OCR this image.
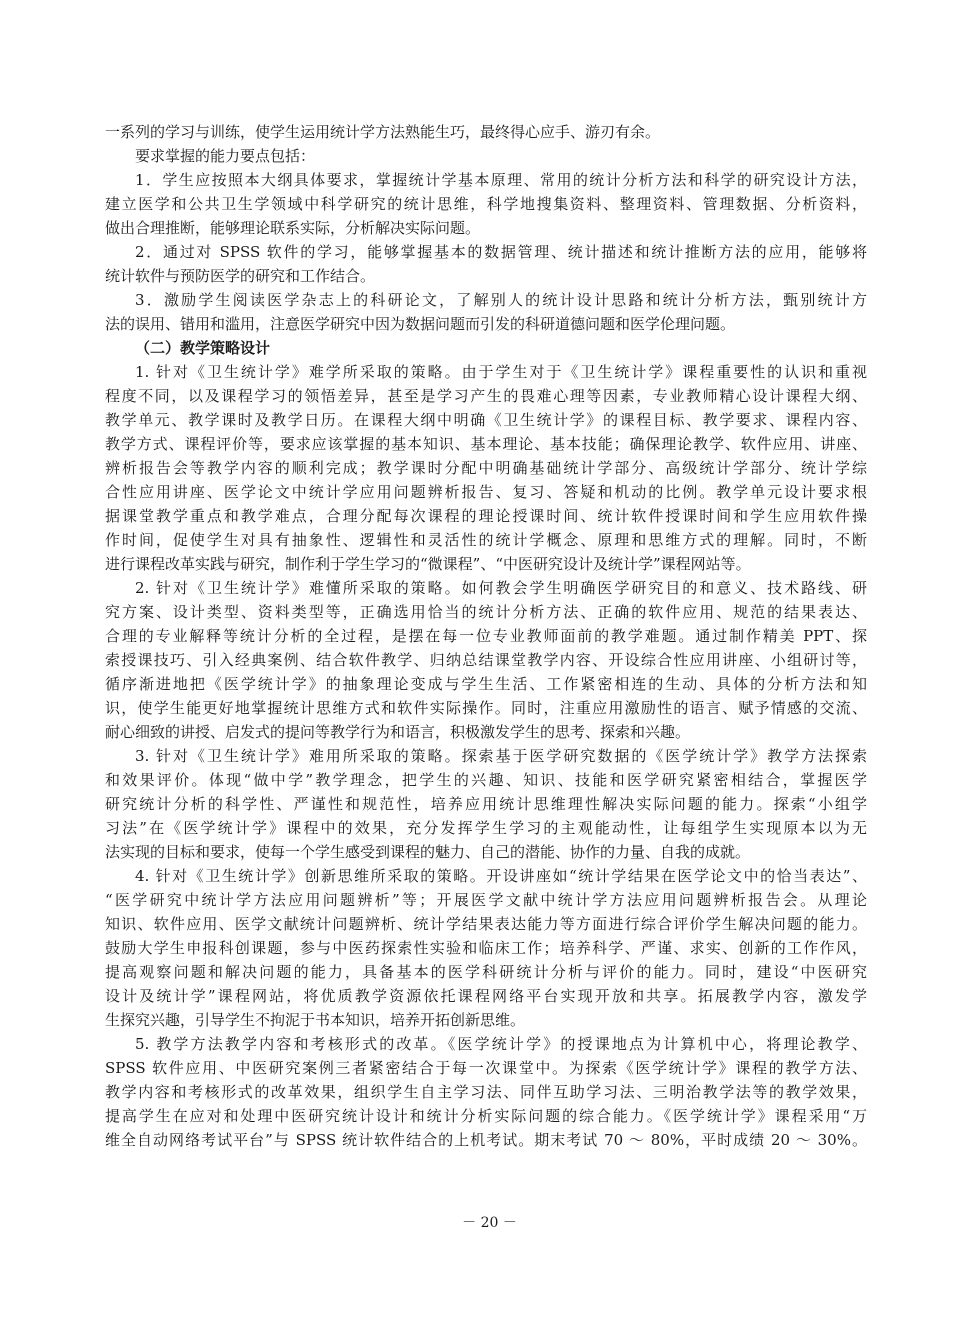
一系列的学习与训练，使学生运用统计学方法熟能生巧，最终得心应手、游刃有余。
要求掌握的能力要点包括：
1．学生应按照本大纲具体要求，掌握统计学基本原理、常用的统计分析方法和科学的研究设计方法，
建立医学和公共卫生学领域中科学研究的统计思维，科学地搜集资料、整理资料、管理数据、分析资料，
做出合理推断，能够理论联系实际，分析解决实际问题。
2．通过对 SPSS 软件的学习，能够掌握基本的数据管理、统计描述和统计推断方法的应用，能够将
统计软件与预防医学的研究和工作结合。
3．激励学生阅读医学杂志上的科研论文，了解别人的统计设计思路和统计分析方法，甄别统计方
法的误用、错用和滥用，注意医学研究中因为数据问题而引发的科研道德问题和医学伦理问题。
（二）教学策略设计
1. 针对《卫生统计学》难学所采取的策略。由于学生对于《卫生统计学》课程重要性的认识和重视
程度不同，以及课程学习的领悟差异，甚至是学习产生的畏难心理等因素，专业教师精心设计课程大纲、
教学单元、教学课时及教学日历。在课程大纲中明确《卫生统计学》的课程目标、教学要求、课程内容、
教学方式、课程评价等，要求应该掌握的基本知识、基本理论、基本技能；确保理论教学、软件应用、讲座、
辨析报告会等教学内容的顺利完成；教学课时分配中明确基础统计学部分、高级统计学部分、统计学综
合性应用讲座、医学论文中统计学应用问题辨析报告、复习、答疑和机动的比例。教学单元设计要求根
据课堂教学重点和教学难点，合理分配每次课程的理论授课时间、统计软件授课时间和学生应用软件操
作时间，促使学生对具有抽象性、逻辑性和灵活性的统计学概念、原理和思维方式的理解。同时，不断
进行课程改革实践与研究，制作利于学生学习的“微课程”、“中医研究设计及统计学”课程网站等。
2. 针对《卫生统计学》难懂所采取的策略。如何教会学生明确医学研究目的和意义、技术路线、研
究方案、设计类型、资料类型等，正确选用恰当的统计分析方法、正确的软件应用、规范的结果表达、
合理的专业解释等统计分析的全过程，是摆在每一位专业教师面前的教学难题。通过制作精美 PPT、探
索授课技巧、引入经典案例、结合软件教学、归纳总结课堂教学内容、开设综合性应用讲座、小组研讨等，
循序渐进地把《医学统计学》的抽象理论变成与学生生活、工作紧密相连的生动、具体的分析方法和知
识，使学生能更好地掌握统计思维方式和软件实际操作。同时，注重应用激励性的语言、赋予情感的交流、
耐心细致的讲授、启发式的提问等教学行为和语言，积极激发学生的思考、探索和兴趣。
3. 针对《卫生统计学》难用所采取的策略。探索基于医学研究数据的《医学统计学》教学方法探索
和效果评价。体现“做中学”教学理念，把学生的兴趣、知识、技能和医学研究紧密相结合，掌握医学
研究统计分析的科学性、严谨性和规范性，培养应用统计思维理性解决实际问题的能力。探索“小组学
习法”在《医学统计学》课程中的效果，充分发挥学生学习的主观能动性，让每组学生实现原本以为无
法实现的目标和要求，使每一个学生感受到课程的魅力、自己的潜能、协作的力量、自我的成就。
4. 针对《卫生统计学》创新思维所采取的策略。开设讲座如“统计学结果在医学论文中的恰当表达”、
“医学研究中统计学方法应用问题辨析”等；开展医学文献中统计学方法应用问题辨析报告会。从理论
知识、软件应用、医学文献统计问题辨析、统计学结果表达能力等方面进行综合评价学生解决问题的能力。
鼓励大学生申报科创课题，参与中医药探索性实验和临床工作；培养科学、严谨、求实、创新的工作作风，
提高观察问题和解决问题的能力，具备基本的医学科研统计分析与评价的能力。同时，建设“中医研究
设计及统计学”课程网站，将优质教学资源依托课程网络平台实现开放和共享。拓展教学内容，激发学
生探究兴趣，引导学生不拘泥于书本知识，培养开拓创新思维。
5. 教学方法教学内容和考核形式的改革。《医学统计学》的授课地点为计算机中心，将理论教学、
SPSS 软件应用、中医研究案例三者紧密结合于每一次课堂中。为探索《医学统计学》课程的教学方法、
教学内容和考核形式的改革效果，组织学生自主学习法、同伴互助学习法、三明治教学法等的教学效果，
提高学生在应对和处理中医研究统计设计和统计分析实际问题的综合能力。《医学统计学》课程采用“万
维全自动网络考试平台”与 SPSS 统计软件结合的上机考试。期末考试 70 ～ 80%，平时成绩 20 ～ 30%。
－ 20 －
